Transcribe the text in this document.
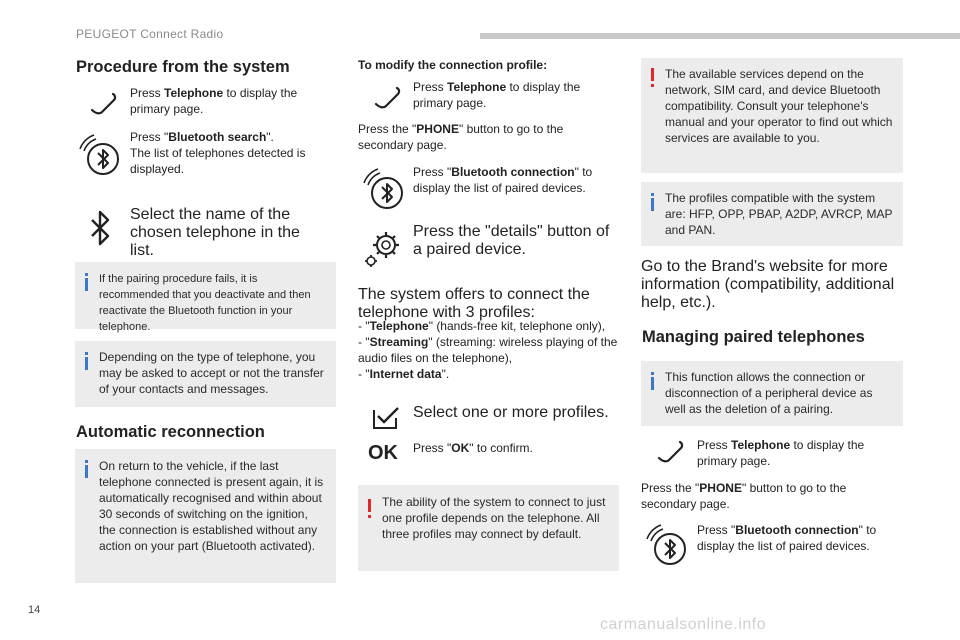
PEUGEOT Connect Radio
14
carmanualsonline.info
Procedure from the system

Press Telephone to display the primary page.

Press "Bluetooth search".

The list of telephones detected is displayed.

Select the name of the chosen telephone in the list.
If the pairing procedure fails, it is recommended that you deactivate and then reactivate the Bluetooth function in your telephone.
Depending on the type of telephone, you may be asked to accept or not the transfer of your contacts and messages.
Automatic reconnection
On return to the vehicle, if the last telephone connected is present again, it is automatically recognised and within about 30 seconds of switching on the ignition, the connection is established without any action on your part (Bluetooth activated).
To modify the connection profile:

Press Telephone to display the primary page.

Press the "PHONE" button to go to the secondary page.

Press "Bluetooth connection" to display the list of paired devices.

Press the "details" button of a paired device.
The system offers to connect the telephone with 3 profiles:
- "Telephone" (hands-free kit, telephone only),
- "Streaming" (streaming: wireless playing of the audio files on the telephone),
- "Internet data".
Select one or more profiles.
OK Press "OK" to confirm.

The ability of the system to connect to just one profile depends on the telephone. All three profiles may connect by default.
The available services depend on the network, SIM card, and device Bluetooth compatibility. Consult your telephone's manual and your operator to find out which services are available to you.
The profiles compatible with the system are: HFP, OPP, PBAP, A2DP, AVRCP, MAP and PAN.
Go to the Brand's website for more information (compatibility, additional help, etc.).
Managing paired telephones
This function allows the connection or disconnection of a peripheral device as well as the deletion of a pairing.

Press Telephone to display the primary page.

Press the "PHONE" button to go to the secondary page.

Press "Bluetooth connection" to display the list of paired devices.
